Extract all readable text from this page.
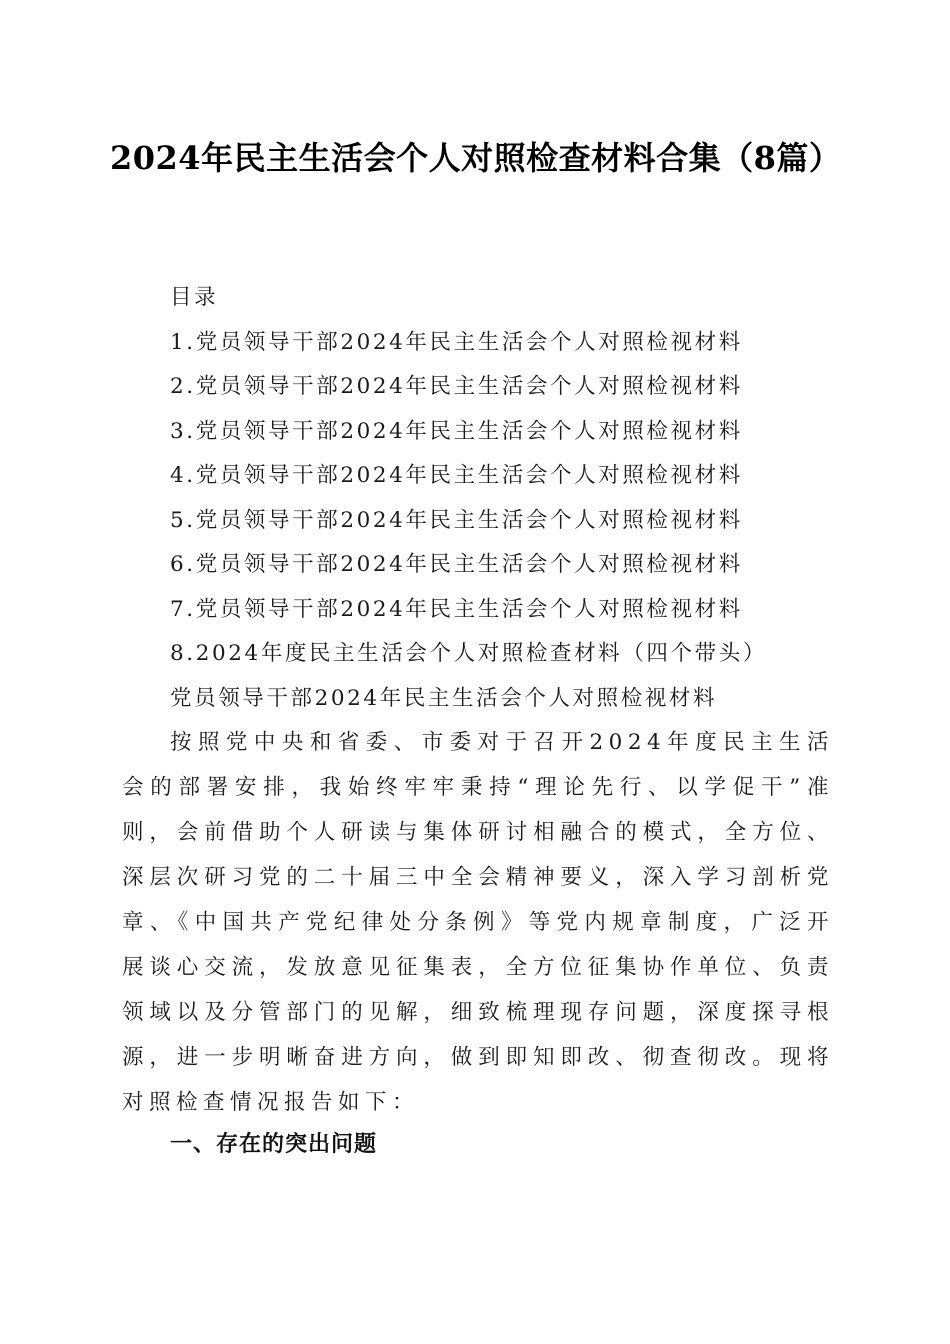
2024年民主生活会个人对照检查材料合集（8篇）
目录
1.党员领导干部2024年民主生活会个人对照检视材料
2.党员领导干部2024年民主生活会个人对照检视材料
3.党员领导干部2024年民主生活会个人对照检视材料
4.党员领导干部2024年民主生活会个人对照检视材料
5.党员领导干部2024年民主生活会个人对照检视材料
6.党员领导干部2024年民主生活会个人对照检视材料
7.党员领导干部2024年民主生活会个人对照检视材料
8.2024年度民主生活会个人对照检查材料（四个带头）
党员领导干部2024年民主生活会个人对照检视材料

按照党中央和省委、市委对于召开2024年度民主生活会的部署安排，我始终牢牢秉持“理论先行、以学促干”准则，会前借助个人研读与集体研讨相融合的模式，全方位、深层次研习党的二十届三中全会精神要义，深入学习剖析党章、《中国共产党纪律处分条例》等党内规章制度，广泛开展谈心交流，发放意见征集表，全方位征集协作单位、负责领域以及分管部门的见解，细致梳理现存问题，深度探寻根源，进一步明晰奋进方向，做到即知即改、彻查彻改。现将对照检查情况报告如下：

一、存在的突出问题
